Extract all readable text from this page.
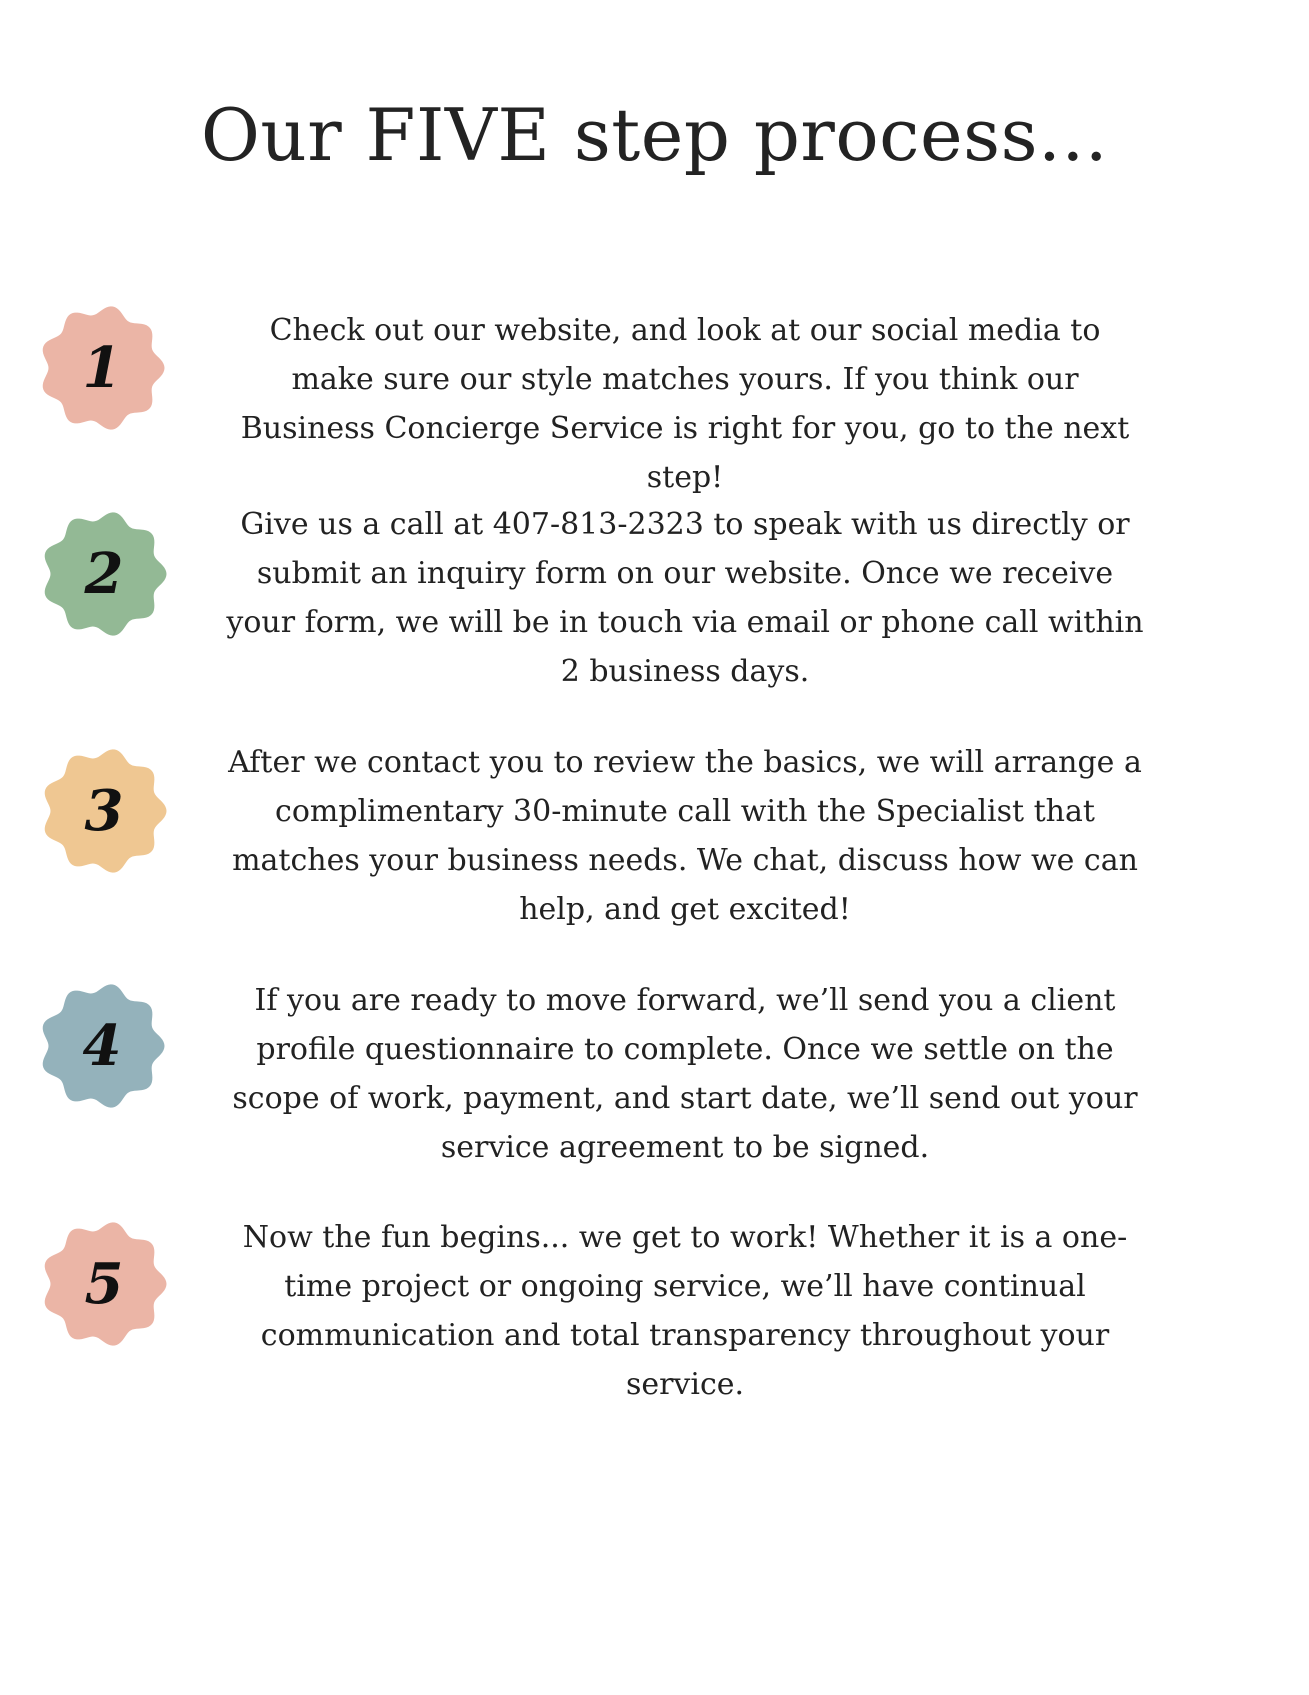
Our FIVE step process...
1

Check out our website, and look at our social media to make sure our style matches yours. If you think our Business Concierge Service is right for you, go to the next step!

2

Give us a call at 407-813-2323 to speak with us directly or submit an inquiry form on our website. Once we receive your form, we will be in touch via email or phone call within 2 business days.

3

After we contact you to review the basics, we will arrange a complimentary 30-minute call with the Specialist that matches your business needs. We chat, discuss how we can help, and get excited!

4

If you are ready to move forward, we’ll send you a client profile questionnaire to complete. Once we settle on the scope of work, payment, and start date, we’ll send out your service agreement to be signed.

5

Now the fun begins... we get to work! Whether it is a one-time project or ongoing service, we’ll have continual communication and total transparency throughout your service.
